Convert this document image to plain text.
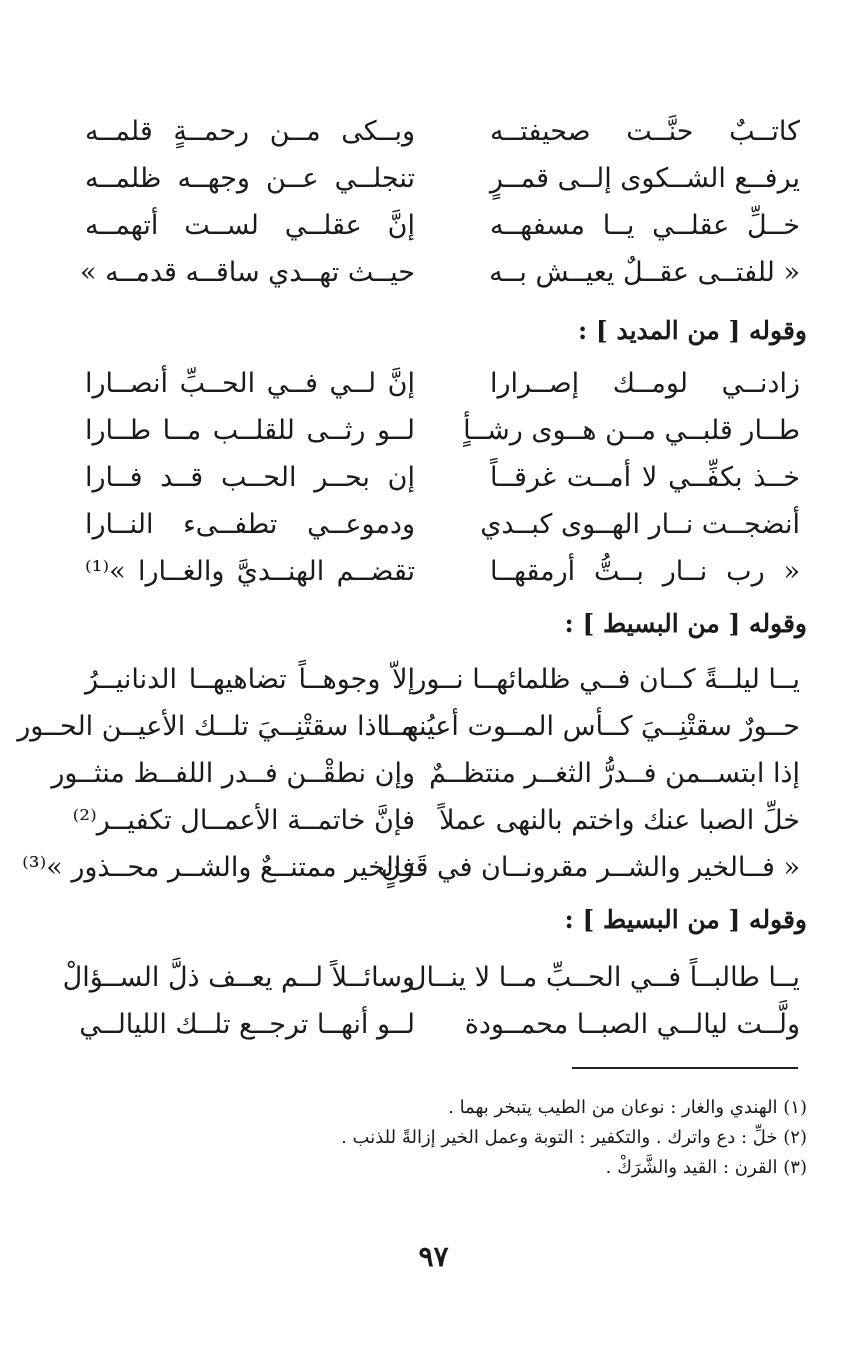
كاتــبٌ حنَّــت صحيفتــه
وبــكى مــن رحمــةٍ قلمــه
يرفــع الشــكوى إلــى قمــرٍ
تنجلــي عــن وجهــه ظلمــه
خــلِّ عقلــي يــا مسفهــه
إنَّ عقلــي لســت أتهمــه
« للفتــى عقــلٌ يعيــش بــه
حيــث تهــدي ساقــه قدمــه »
وقوله [ من المديد ] :
زادنــي لومــك إصــرارا
إنَّ لــي فــي الحــبِّ أنصــارا
طــار قلبــي مــن هــوى رشــأٍ
لــو رثــى للقلــب مــا طــارا
خــذ بكفِّــي لا أمــت غرقــاً
إن بحــر الحــب قــد فــارا
أنضجــت نــار الهــوى كبــدي
ودموعــي تطفــىء النــارا
« رب نــار بــتُّ أرمقهــا
تقضــم الهنــديَّ والغــارا »⁽¹⁾
وقوله [ من البسيط ] :
يــا ليلــةً كــان فــي ظلمائهــا نــور
إلاّ وجوهــاً تضاهيهــا الدنانيــرُ
حــورٌ سقتْنِــيَ كــأس المــوت أعيُنهــا
مــاذا سقتْنِــيَ تلــك الأعيــن الحــور
إذا ابتســمن فــدرُّ الثغــر منتظــمٌ
وإن نطقْــن فــدر اللفــظ منثــور
خلِّ الصبا عنك واختم بالنهى عملاً
فإنَّ خاتمــة الأعمــال تكفيــر⁽²⁾
« فــالخير والشــر مقرونــان في قَرَنٍ
فالخير ممتنــعٌ والشــر محــذور »⁽³⁾
وقوله [ من البسيط ] :
يــا طالبــاً فــي الحــبِّ مــا لا ينــال
وسائــلاً لــم يعــف ذلَّ الســؤالْ
ولَّــت ليالــي الصبــا محمــودة
لــو أنهــا ترجــع تلــك الليالــي
(١) الهندي والغار : نوعان من الطيب يتبخر بهما .
(٢) خلِّ : دع واترك . والتكفير : التوبة وعمل الخير إزالةً للذنب .
(٣) القرن : القيد والشَّرَكْ .
٩٧
